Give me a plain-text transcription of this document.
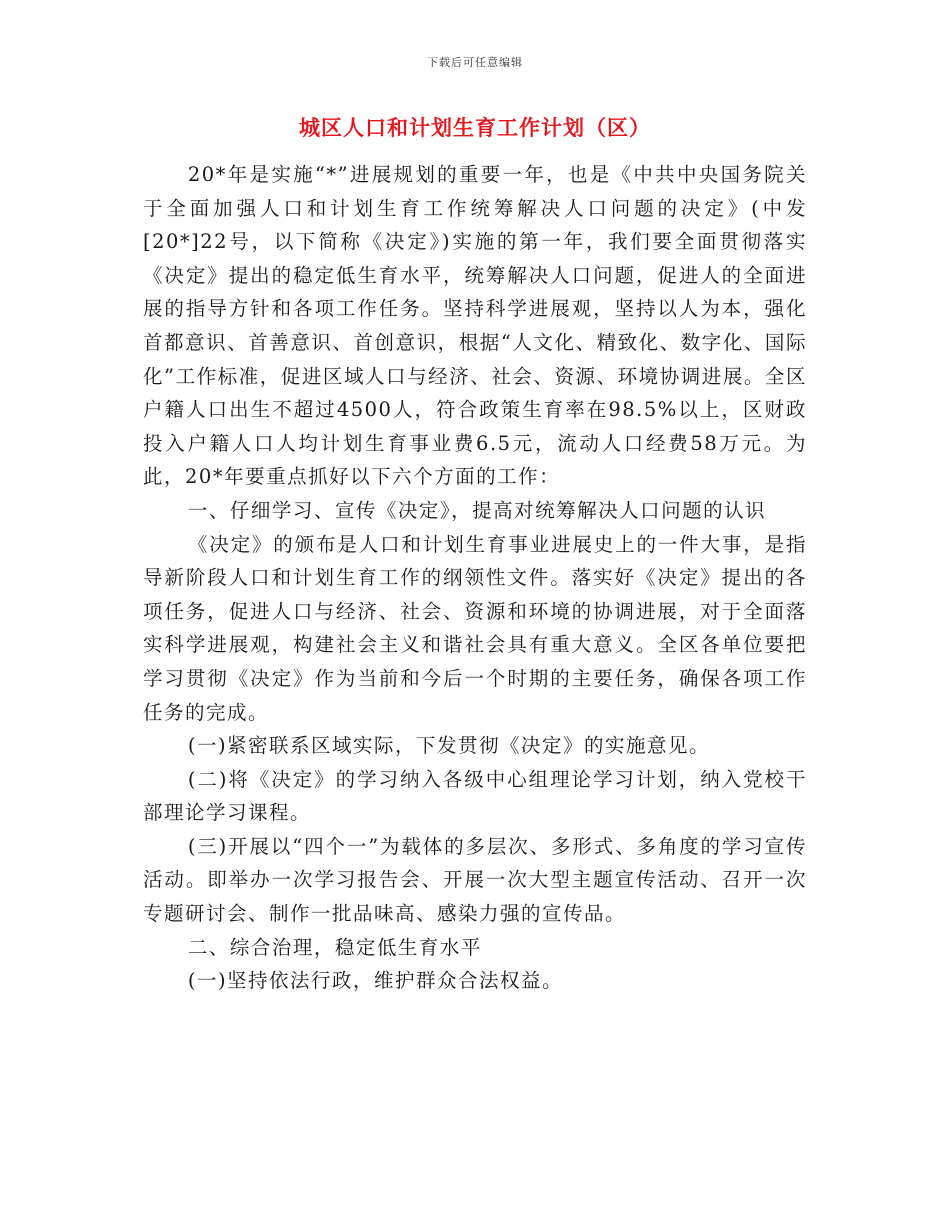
下载后可任意编辑
城区人口和计划生育工作计划（区）

20*年是实施“*”进展规划的重要一年，也是《中共中央国务院关于全面加强人口和计划生育工作统筹解决人口问题的决定》(中发[20*]22号，以下简称《决定》)实施的第一年，我们要全面贯彻落实《决定》提出的稳定低生育水平，统筹解决人口问题，促进人的全面进展的指导方针和各项工作任务。坚持科学进展观，坚持以人为本，强化首都意识、首善意识、首创意识，根据“人文化、精致化、数字化、国际化”工作标准，促进区域人口与经济、社会、资源、环境协调进展。全区户籍人口出生不超过4500人，符合政策生育率在98.5%以上，区财政投入户籍人口人均计划生育事业费6.5元，流动人口经费58万元。为此，20*年要重点抓好以下六个方面的工作：

一、仔细学习、宣传《决定》，提高对统筹解决人口问题的认识

《决定》的颁布是人口和计划生育事业进展史上的一件大事，是指导新阶段人口和计划生育工作的纲领性文件。落实好《决定》提出的各项任务，促进人口与经济、社会、资源和环境的协调进展，对于全面落实科学进展观，构建社会主义和谐社会具有重大意义。全区各单位要把学习贯彻《决定》作为当前和今后一个时期的主要任务，确保各项工作任务的完成。

(一)紧密联系区域实际，下发贯彻《决定》的实施意见。

(二)将《决定》的学习纳入各级中心组理论学习计划，纳入党校干部理论学习课程。

(三)开展以“四个一”为载体的多层次、多形式、多角度的学习宣传活动。即举办一次学习报告会、开展一次大型主题宣传活动、召开一次专题研讨会、制作一批品味高、感染力强的宣传品。

二、综合治理，稳定低生育水平

(一)坚持依法行政，维护群众合法权益。
